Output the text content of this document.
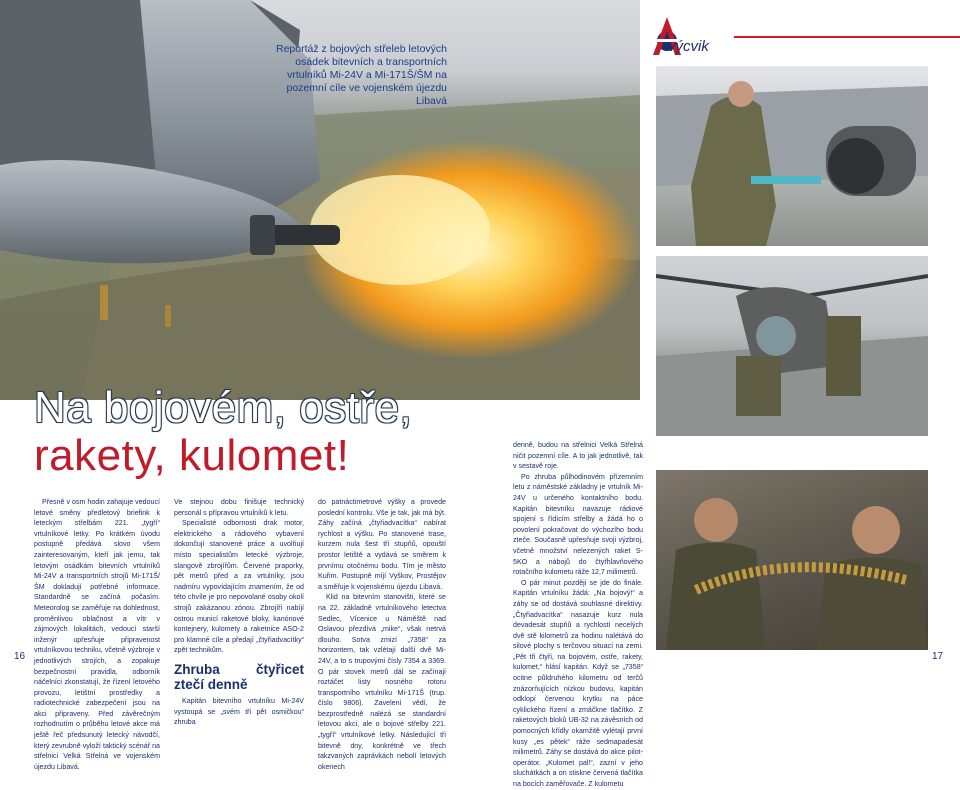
Reportáž z bojových střeleb letových osádek bitevních a transportních vrtulníků Mi-24V a Mi-171Š/ŠM na pozemní cíle ve vojenském újezdu Libavá
Na bojovém, ostře,
rakety, kulomet!
výcvik

Přesně v osm hodin zahajuje vedoucí letové směny předletový briefink k leteckým střelbám 221. „tygří“ vrtulníkové letky. Po krátkém úvodu postupně předává slovo všem zainteresovaným, kteří jak jemu, tak letovým osádkám bitevních vrtulníků Mi-24V a transportních strojů Mi-171Š/ŠM dokladují potřebné informace. Standardně se začíná počasím. Meteorolog se zaměřuje na dohlednost, proměnlivou oblačnost a vítr v zájmových lokalitách, vedoucí starší inženýr upřesňuje připravenost vrtulníkovou techniku, včetně výzbroje v jednotlivých strojích, a zopakuje bezpečnostní pravidla, odborník náčelníci zkonstatují, že řízení letového provozu, letištní prostředky a radiotechnické zabezpečení jsou na akci připraveny. Před závěrečným rozhodnutím o průběhu letové akce má ještě řeč předsunutý letecký návodčí, který zevrubně vyloží taktický scénář na střelnici Velká Střelná ve vojenském újezdu Libavá.

Ve stejnou dobu finišuje technický personál s přípravou vrtulníků k letu.

Specialisté odbornosti drak motor, elektrického a rádiového vybavení dokončují stanovené práce a uvolňují místo specialistům letecké výzbroje, slangově zbrojířům. Červené praporky, pět metrů před a za vrtulníky, jsou nadmíru vypovídajícím znamením, že od této chvíle je pro nepovolané osoby okolí strojů zakázanou zónou. Zbrojíři nabíjí ostrou municí raketové bloky, kanónové kontejnery, kulomety a raketnice ASO-2 pro klamné cíle a předají „čtyřiadvacítky“ zpět technikům.

Zhruba čtyřicet ztečí denně

Kapitán bitevního vrtulníku Mi-24V vystoupá se „svém tři pět osmičkou“ zhruba

do patnáctimetrové výšky a provede poslední kontrolu. Vše je tak, jak má být. Záhy začíná „čtyřiadvacítka“ nabírat rychlost a výšku. Po stanovené trase, kurzem nula šest tři stupňů, opouští prostor letiště a vydává se směrem k prvnímu otočnému bodu. Tím je město Kuřim. Postupně míjí Vyškov, Prostějov a směřuje k vojenskému újezdu Libavá.

Klid na bitevním stanovišti, které se na 22. základně vrtulníkového letectva Sedlec, Vícenice u Náměště nad Oslavou přezdívá „mike“, však netrvá dlouho. Sotva zmizí „7358“ za horizontem, tak vzlétají další dvě Mi-24V, a to s trupovými čísly 7354 a 3369. O pár stovek metrů dál se začínají roztáčet listy nosného rotoru transportního vrtulníku Mi-171Š (trup. číslo 9806). Zavelení vědí, že bezprostředně nalézá se standardní letovou akci, ale o bojové střelby 221. „tygří“ vrtulníkové letky. Následující tři bitevně dny, konkrétně ve třech takzvaných zaprávkách nebolí letových okenech

denně, budou na střelnici Velká Střelná ničit pozemní cíle. A to jak jednotlivě, tak v sestavě roje.

Po zhruba půlhodinovém přízemním letu z náměstské základny je vrtulník Mi-24V u určeného kontaktního bodu. Kapitán bitevníku navazuje rádiové spojení s řídícím střelby a žádá ho o povolení pokračovat do výchozího bodu zteče. Současně upřesňuje svoji výzbroj, včetně množství nelezených raket S-5KO a nábojů do čtyřhlavňového rotačního kulometu ráže 12,7 milimetrů.

O pár minut později se jde do finále. Kapitán vrtulníku žádá: „Na bojový!“ a záhy se od dostává souhlasné direktivy. „Čtyřiadvacítka“ nasazuje kurz nula devadesát stupňů a rychlostí necelých dvě stě kilometrů za hodinu nalétává do silové plochy s terčovou situací na zemi. „Pět tři čtyři, na bojovém, ostře, rakety, kulomet,“ hlásí kapitán. Když se „7358“ ocitne půldruhého kilometru od terčů znázorňujících nízkou budovu, kapitán odklopí červenou krytku na páce cyklického řízení a zmáčkne tlačítko. Z raketových bloků UB-32 na závěsních od pomocných křídly okamžitě vylétají první kusy „es pětek“ ráže sedmapadesát milimetrů. Záhy se dostává do akce pilot-operátor. „Kulomet pal!“, zazní v jeho sluchátkách a on stiskne červená tlačítka na bocích zaměřovače. Z kulometu

16	17
